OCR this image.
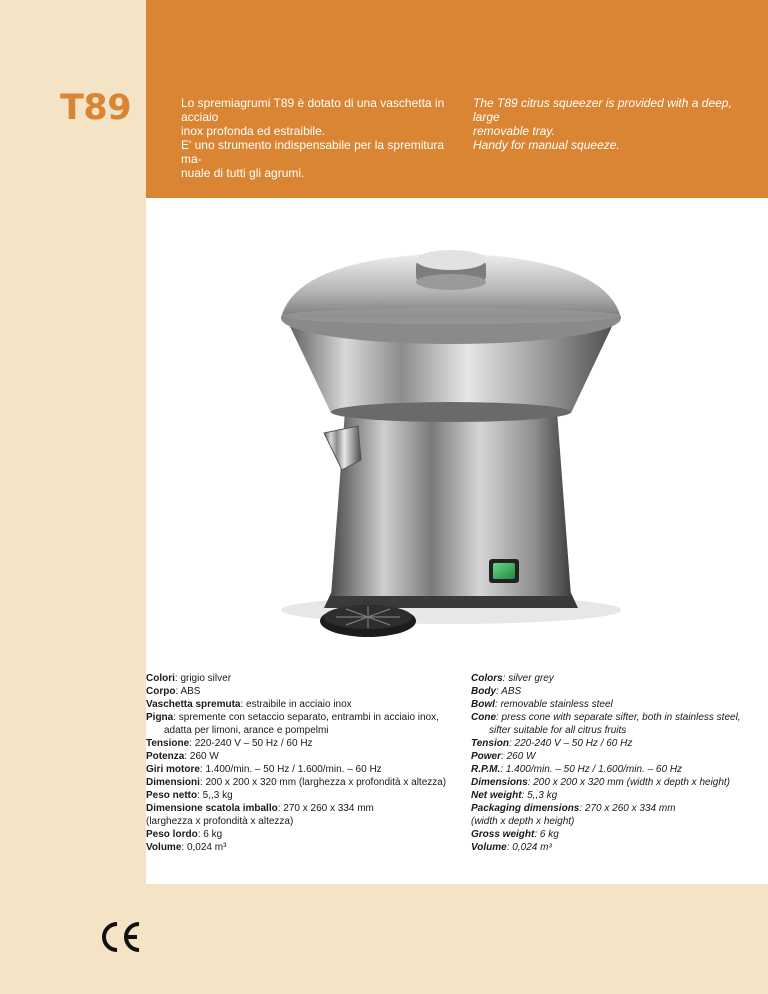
T89	Lo spremiagrumi T89 è dotato di una vaschetta in acciaio

inox profonda ed estraibile.

E' uno strumento indispensabile per la spremitura ma-

nuale di tutti gli agrumi.

The T89 citrus squeezer is provided with a deep, large

removable tray.

Handy for manual squeeze.

Colori: grigio silver
Corpo: ABS
Vaschetta spremuta: estraibile in acciaio inox
Pigna: spremente con setaccio separato, entrambi in acciaio inox,
adatta per limoni, arance e pompelmi
Tensione: 220-240 V – 50 Hz / 60 Hz
Potenza: 260 W
Giri motore: 1.400/min. – 50 Hz / 1.600/min. – 60 Hz
Dimensioni: 200 x 200 x 320 mm (larghezza x profondità x altezza)
Peso netto: 5,,3 kg
Dimensione scatola imballo: 270 x 260 x 334 mm
(larghezza x profondità x altezza)
Peso lordo: 6 kg
Volume: 0,024 m³
Colors: silver grey
Body: ABS
Bowl: removable stainless steel
Cone: press cone with separate sifter, both in stainless steel,
sifter suitable for all citrus fruits
Tension: 220-240 V – 50 Hz / 60 Hz
Power: 260 W
R.P.M.: 1.400/min. – 50 Hz / 1.600/min. – 60 Hz
Dimensions: 200 x 200 x 320 mm (width x depth x height)
Net weight: 5,,3 kg
Packaging dimensions: 270 x 260 x 334 mm
(width x depth x height)
Gross weight: 6 kg
Volume: 0,024 m³
